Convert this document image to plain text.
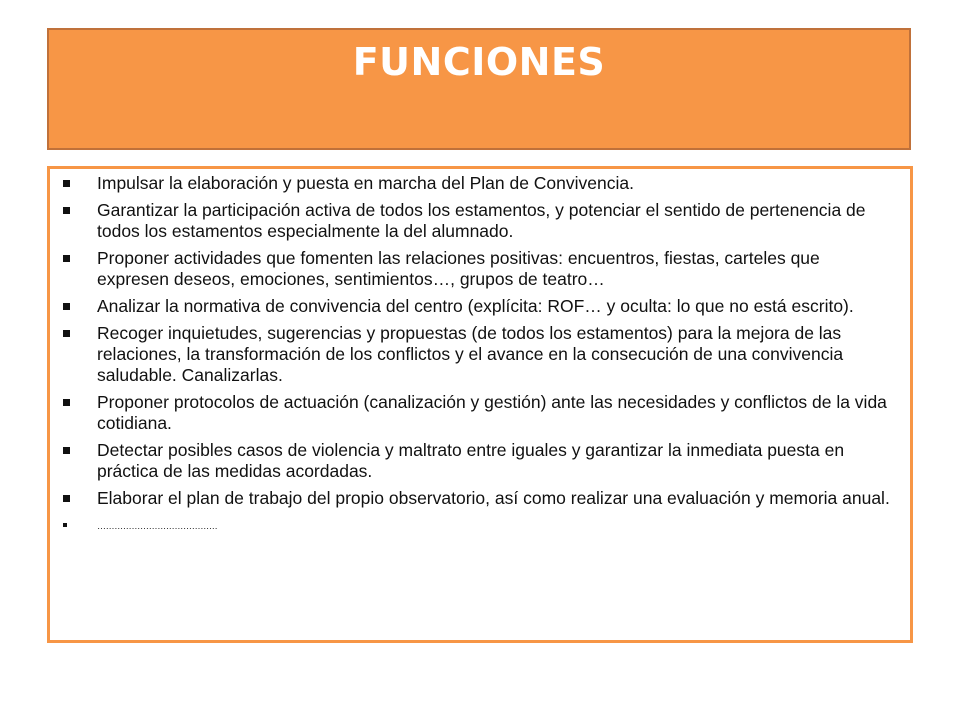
FUNCIONES
Impulsar la elaboración y puesta en marcha del Plan de Convivencia.
Garantizar la participación activa de todos los estamentos, y potenciar el sentido de pertenencia de todos los estamentos especialmente la del alumnado.
Proponer actividades que fomenten las relaciones positivas: encuentros, fiestas, carteles que expresen deseos, emociones, sentimientos…, grupos de teatro…
Analizar la normativa de convivencia del centro (explícita: ROF… y oculta: lo que no está escrito).
Recoger inquietudes, sugerencias y propuestas (de todos los estamentos) para la mejora de las relaciones, la transformación de los conflictos y el avance en la consecución de una convivencia saludable. Canalizarlas.
Proponer protocolos de actuación (canalización y gestión) ante las necesidades y conflictos de la vida cotidiana.
Detectar posibles casos de violencia y maltrato entre iguales y garantizar la inmediata puesta en práctica de las medidas acordadas.
Elaborar el plan de trabajo del propio observatorio, así como realizar una evaluación y memoria anual.
……………………………………
